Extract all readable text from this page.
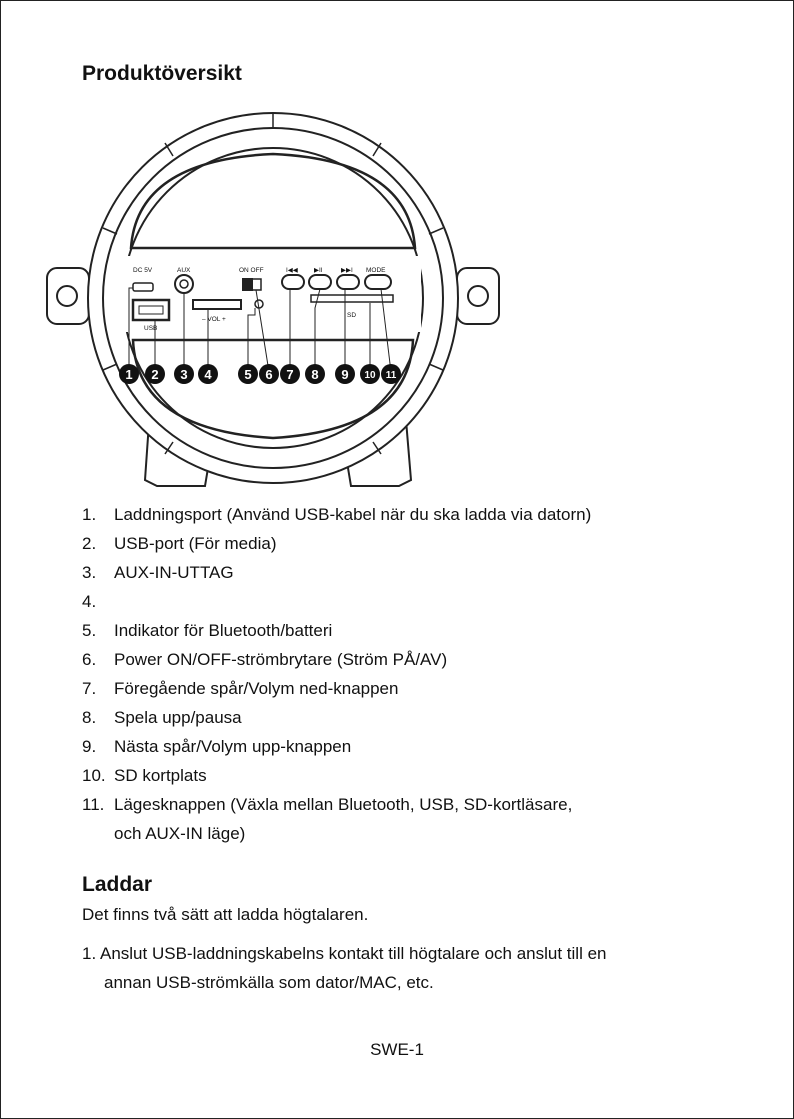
Produktöversikt
DC 5V	AUX	ON OFF	I◀◀ ▶II	▶▶I MODE
USB
– VOL +
SD
1 2 3 4	5 6 7 8 9 10 11
1.	Laddningsport (Använd USB-kabel när du ska ladda via datorn)
2.	USB-port (För media)
3.	AUX-IN-UTTAG
4.
5.	Indikator för Bluetooth/batteri
6.	Power ON/OFF-strömbrytare (Ström PÅ/AV)
7.	Föregående spår/Volym ned-knappen
8.	Spela upp/pausa
9.	Nästa spår/Volym upp-knappen
10. SD kortplats
11. Lägesknappen (Växla mellan Bluetooth, USB, SD-kortläsare,
och AUX-IN läge)
Laddar

Det finns två sätt att ladda högtalaren.

1. Anslut USB-laddningskabelns kontakt till högtalare och anslut till en
annan USB-strömkälla som dator/MAC, etc.
SWE-1
